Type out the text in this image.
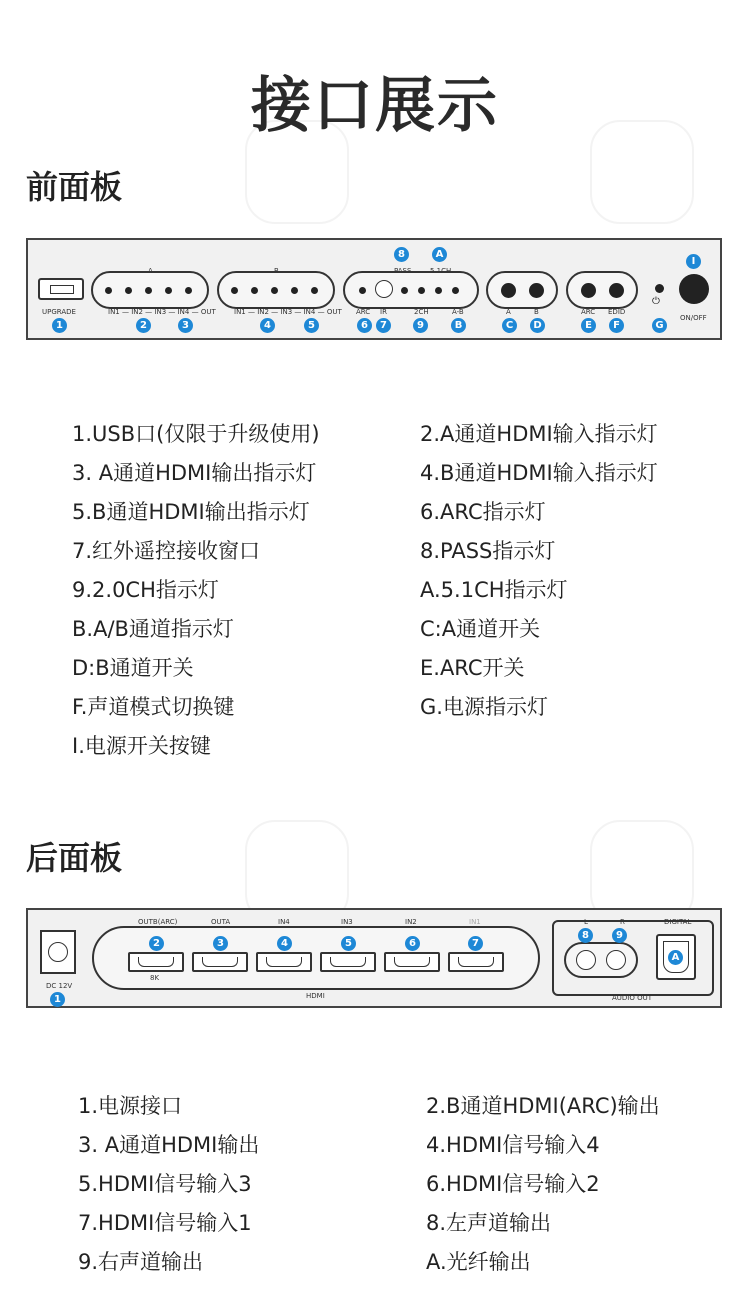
接口展示
前面板
UPGRADE
1
IN1 — IN2 — IN3 — IN4 — OUT
2	3
IN1 — IN2 — IN3 — IN4 — OUT
4	5
8	A
ARC IR	2CH	A-B
6	7	9	B
A	B
C	D
ARC EDID
E	F
⏻
G
I
ON/OFF
1.USB口(仅限于升级使用)
3. A通道HDMI输出指示灯
5.B通道HDMI输出指示灯
7.红外遥控接收窗口
9.2.0CH指示灯
B.A/B通道指示灯
D:B通道开关
F.声道模式切换键
I.电源开关按键
2.A通道HDMI输入指示灯
4.B通道HDMI输入指示灯
6.ARC指示灯
8.PASS指示灯
A.5.1CH指示灯
C:A通道开关
E.ARC开关
G.电源指示灯
后面板
DC 12V
1
OUTB(ARC)	OUTA	IN4	IN3	IN2	IN1
2	3	4	5	6	7
8K
HDMI
L	R	DIGITAL
8	9
A
AUDIO OUT
1.电源接口
3. A通道HDMI输出
5.HDMI信号输入3
7.HDMI信号输入1
9.右声道输出
2.B通道HDMI(ARC)输出
4.HDMI信号输入4
6.HDMI信号输入2
8.左声道输出
A.光纤输出
